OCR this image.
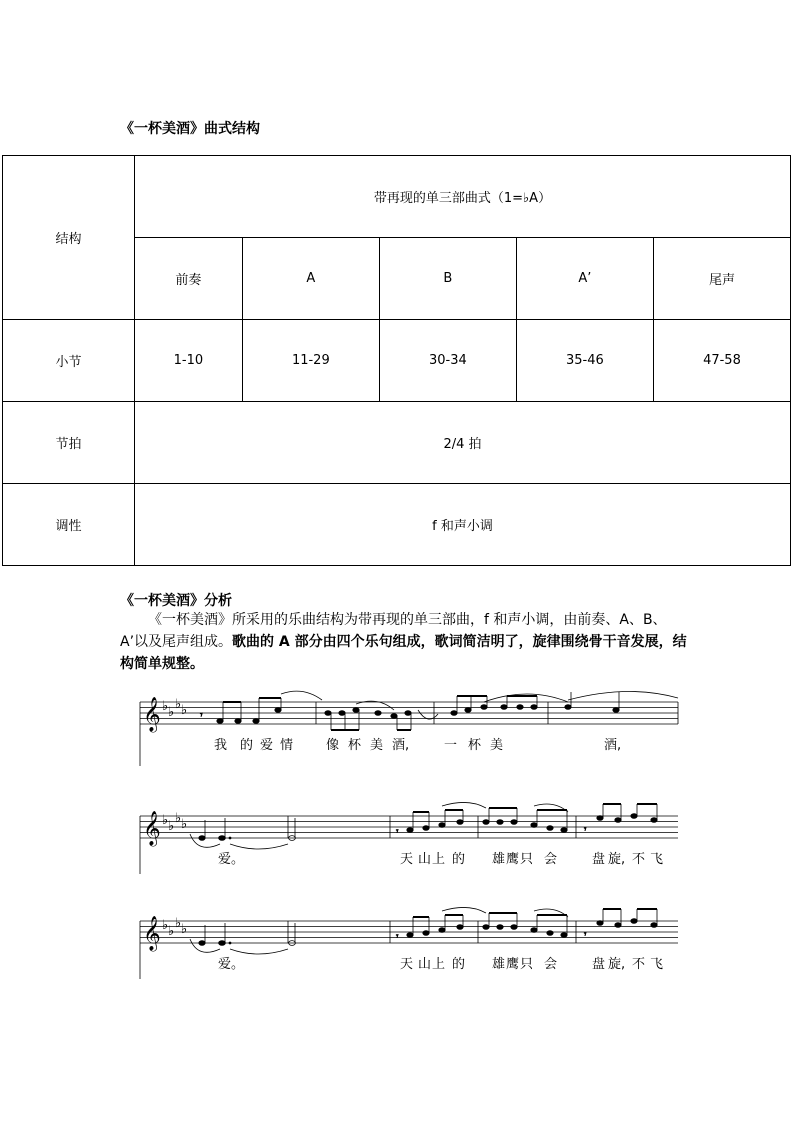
《一杯美酒》曲式结构
结构	带再现的单三部曲式（1=♭A）				
	前奏	A	B	A’	尾声
小节	1-10	11-29	30-34	35-46	47-58
节拍	2/4 拍				
调性	f 和声小调				
《一杯美酒》分析
《一杯美酒》所采用的乐曲结构为带再现的单三部曲，f 和声小调，由前奏、A、B、A’以及尾声组成。歌曲的 A 部分由四个乐句组成，歌词简洁明了，旋律围绕骨干音发展，结构简单规整。
𝄞 ♭ ♭
♭ ♭ 𝄾
我 的 爱 情	像 杯 美 酒,	一 杯 美	酒,
𝄞 ♭ ♭
♭ ♭	𝄾	𝄾
爱。	天 山 上 的 雄 鹰 只 会	盘 旋, 不 飞
𝄞 ♭ ♭
♭ ♭	𝄾	𝄾
爱。	天 山 上 的 雄 鹰 只 会	盘 旋, 不 飞
